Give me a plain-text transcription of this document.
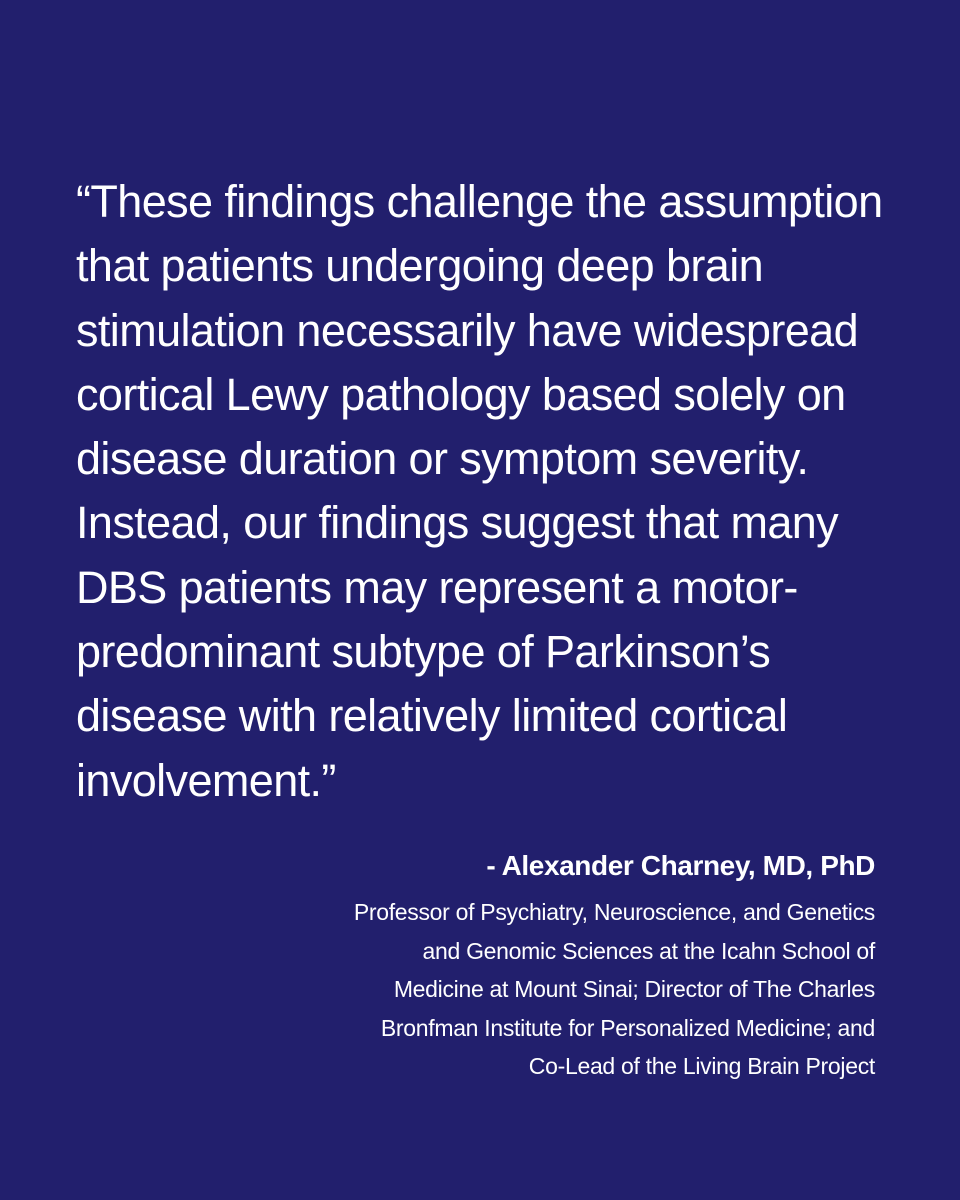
“These findings challenge the assumption
that patients undergoing deep brain
stimulation necessarily have widespread
cortical Lewy pathology based solely on
disease duration or symptom severity.
Instead, our findings suggest that many
DBS patients may represent a motor-
predominant subtype of Parkinson’s
disease with relatively limited cortical
involvement.”
- Alexander Charney, MD, PhD
Professor of Psychiatry, Neuroscience, and Genetics
and Genomic Sciences at the Icahn School of
Medicine at Mount Sinai; Director of The Charles
Bronfman Institute for Personalized Medicine; and
Co-Lead of the Living Brain Project
